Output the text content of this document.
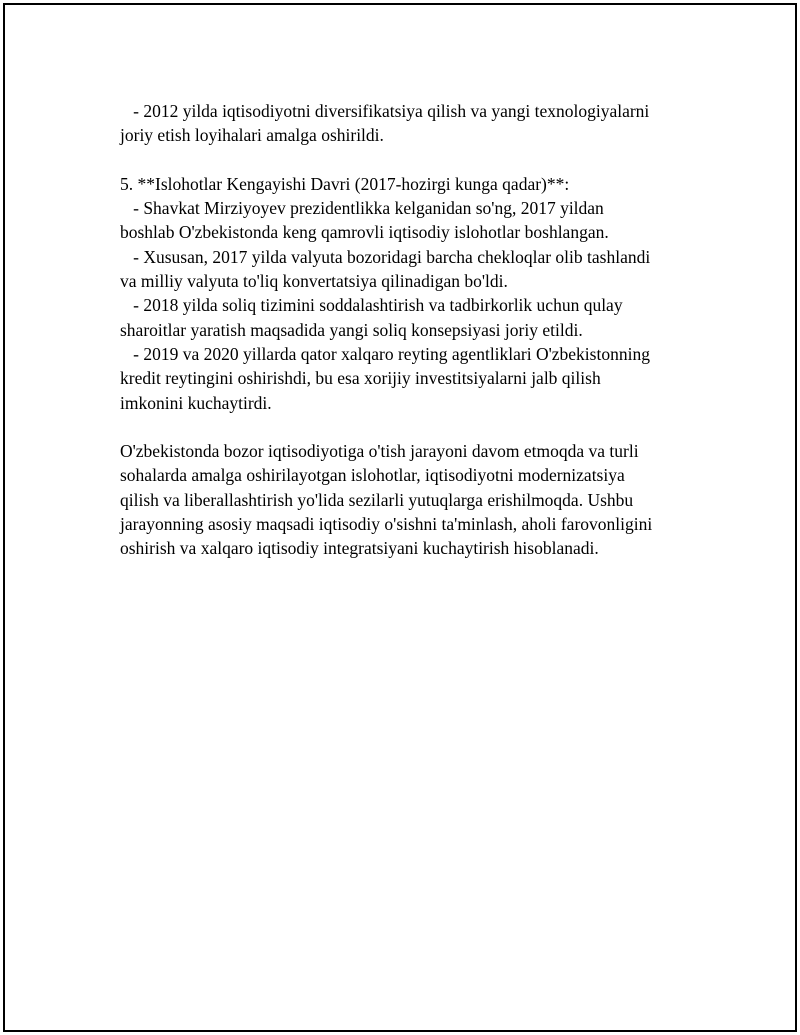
- 2012 yilda iqtisodiyotni diversifikatsiya qilish va yangi texnologiyalarni
joriy etish loyihalari amalga oshirildi.
5. **Islohotlar Kengayishi Davri (2017-hozirgi kunga qadar)**:
- Shavkat Mirziyoyev prezidentlikka kelganidan so'ng, 2017 yildan
boshlab O'zbekistonda keng qamrovli iqtisodiy islohotlar boshlangan.
- Xususan, 2017 yilda valyuta bozoridagi barcha chekloqlar olib tashlandi
va milliy valyuta to'liq konvertatsiya qilinadigan bo'ldi.
- 2018 yilda soliq tizimini soddalashtirish va tadbirkorlik uchun qulay
sharoitlar yaratish maqsadida yangi soliq konsepsiyasi joriy etildi.
- 2019 va 2020 yillarda qator xalqaro reyting agentliklari O'zbekistonning
kredit reytingini oshirishdi, bu esa xorijiy investitsiyalarni jalb qilish
imkonini kuchaytirdi.
O'zbekistonda bozor iqtisodiyotiga o'tish jarayoni davom etmoqda va turli
sohalarda amalga oshirilayotgan islohotlar, iqtisodiyotni modernizatsiya
qilish va liberallashtirish yo'lida sezilarli yutuqlarga erishilmoqda. Ushbu
jarayonning asosiy maqsadi iqtisodiy o'sishni ta'minlash, aholi farovonligini
oshirish va xalqaro iqtisodiy integratsiyani kuchaytirish hisoblanadi.
